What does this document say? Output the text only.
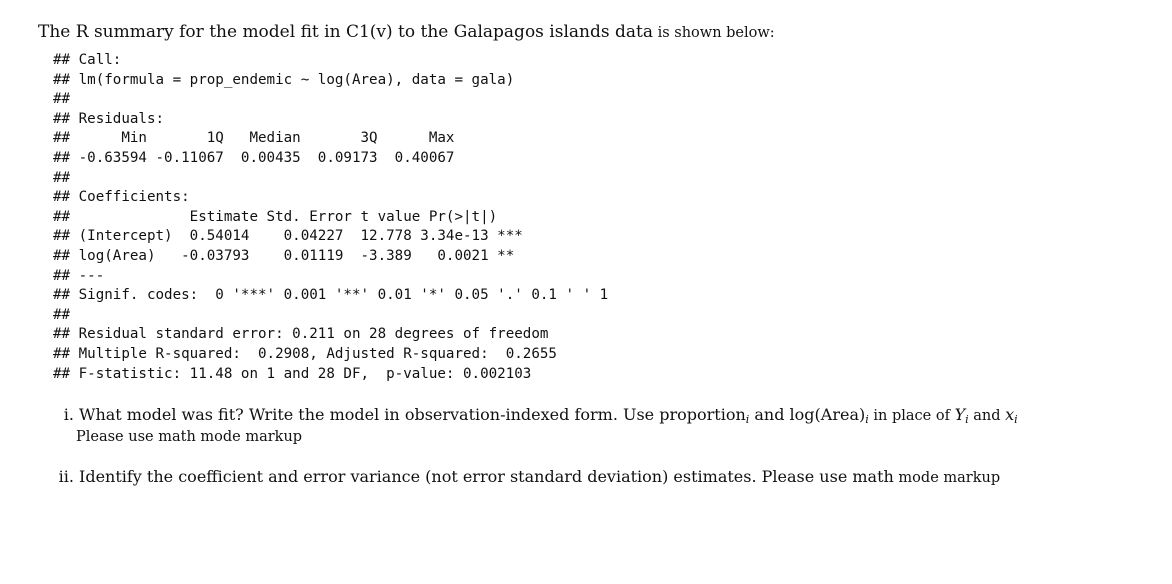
The R summary for the model fit in C1(v) to the Galapagos islands data is shown below:
## Call:
## lm(formula = prop_endemic ~ log(Area), data = gala)
##
## Residuals:
##      Min       1Q   Median       3Q      Max
## -0.63594 -0.11067  0.00435  0.09173  0.40067
##
## Coefficients:
##              Estimate Std. Error t value Pr(>|t|)
## (Intercept)  0.54014    0.04227  12.778 3.34e-13 ***
## log(Area)   -0.03793    0.01119  -3.389   0.0021 **
## ---
## Signif. codes:  0 '***' 0.001 '**' 0.01 '*' 0.05 '.' 0.1 ' ' 1
##
## Residual standard error: 0.211 on 28 degrees of freedom
## Multiple R-squared:  0.2908, Adjusted R-squared:  0.2655
## F-statistic: 11.48 on 1 and 28 DF,  p-value: 0.002103
i. What model was fit? Write the model in observation-indexed form. Use proportion$_i$ and $\log(Area)_i$ in place of $Y_i$ and $x_i$
Please use math mode markup
ii. Identify the coefficient and error variance (not error standard deviation) estimates. Please use math mode markup
